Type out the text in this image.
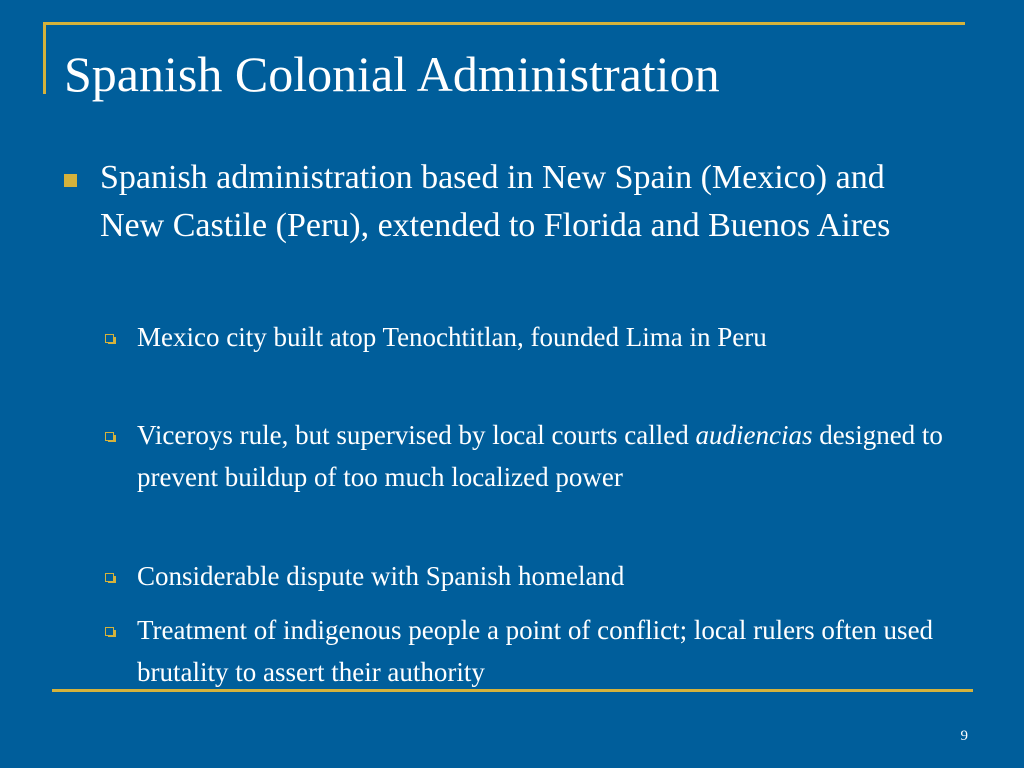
Spanish Colonial Administration
Spanish administration based in New Spain (Mexico) and New Castile (Peru), extended to Florida and Buenos Aires
Mexico city built atop Tenochtitlan, founded Lima in Peru
Viceroys rule, but supervised by local courts called audiencias designed to prevent buildup of too much localized power
Considerable dispute with Spanish homeland
Treatment of indigenous people a point of conflict; local rulers often used brutality to assert their authority
9
